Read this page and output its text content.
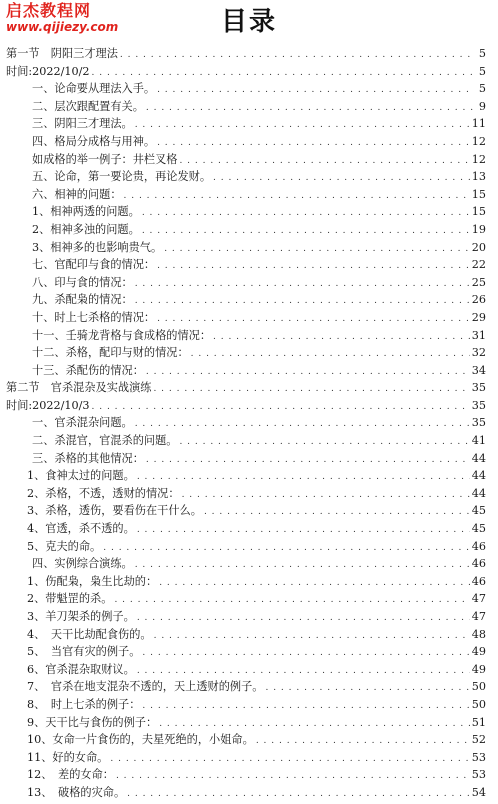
启杰教程网
www.qijiezy.com	目录
第一节　阴阳三才理法 . . .	5
时间:2022/10/2 . . .	5
一、论命要从理法入手。 . . .	5
二、层次跟配置有关。 . . .	9
三、阴阳三才理法。 . . .	11
四、格局分成格与用神。 . . .	12
如成格的举一例子：井栏叉格 . . .	12
五、论命，第一要论贵，再论发财。 . . .	13
六、相神的问题： . . .	15
1、相神两透的问题。 . . .	15
2、相神多浊的问题。 . . .	19
3、相神多的也影响贵气。 . . .	20
七、官配印与食的情况： . . .	22
八、印与食的情况： . . .	25
九、杀配枭的情况： . . .	26
十、时上七杀格的情况： . . .	29
十一、壬骑龙背格与食成格的情况： . . .	31
十二、杀格，配印与财的情况： . . .	32
十三、杀配伤的情况： . . .	34
第二节　官杀混杂及实战演练 . . .	35
时间:2022/10/3 . . .	35
一、官杀混杂问题。 . . .	35
二、杀混官，官混杀的问题。 . . .	41
三、杀格的其他情况： . . .	44
1、食神太过的问题。 . . .	44
2、杀格，不透，透财的情况： . . .	44
3、杀格，透伤，要看伤在干什么。 . . .	45
4、官透，杀不透的。 . . .	45
5、克夫的命。 . . .	46
四、实例综合演练。 . . .	46
1、伤配枭，枭生比劫的： . . .	46
2、带魁罡的杀。 . . .	47
3、羊刀架杀的例子。 . . .	47
4、　天干比劫配食伤的。 . . .	48
5、　当官有灾的例子。 . . .	49
6、官杀混杂取财议。 . . .	49
7、　官杀在地支混杂不透的，天上透财的例子。 . . .	50
8、　时上七杀的例子： . . .	50
9、天干比与食伤的例子： . . .	51
10、女命一片食伤的，夫星死绝的，小姐命。 . . .	52
11、好的女命。 . . .	53
12、　差的女命： . . .	53
13、　破格的灾命。 . . .	54
